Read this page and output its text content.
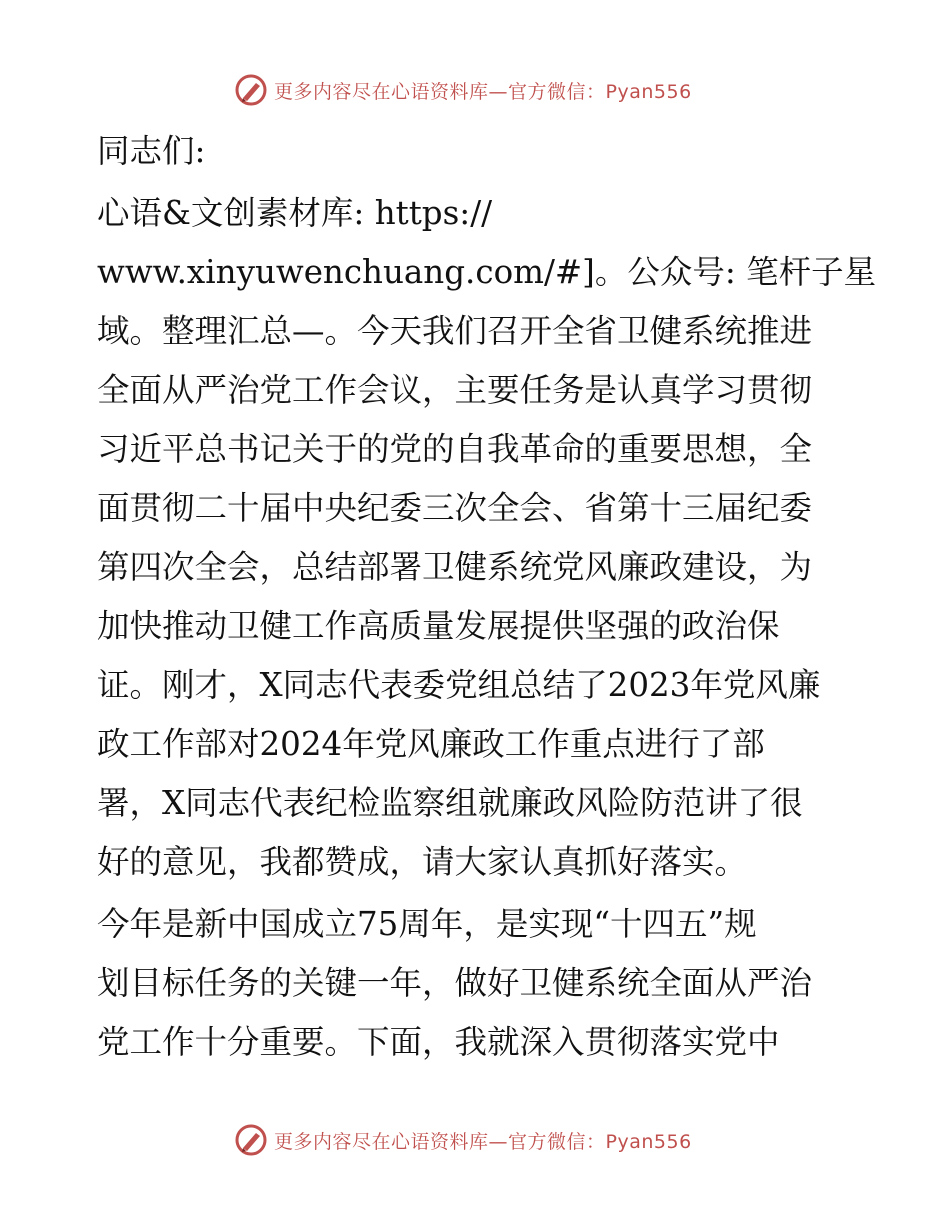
更多内容尽在心语资料库—官方微信：Pyan556

同志们:

心语&文创素材库: https://

www.xinyuwenchuang.com/#]。公众号: 笔杆子星

域。整理汇总—。今天我们召开全省卫健系统推进

全面从严治党工作会议，主要任务是认真学习贯彻

习近平总书记关于的党的自我革命的重要思想，全

面贯彻二十届中央纪委三次全会、省第十三届纪委

第四次全会，总结部署卫健系统党风廉政建设，为

加快推动卫健工作高质量发展提供坚强的政治保

证。刚才，X同志代表委党组总结了2023年党风廉

政工作部对2024年党风廉政工作重点进行了部

署，X同志代表纪检监察组就廉政风险防范讲了很

好的意见，我都赞成，请大家认真抓好落实。

今年是新中国成立75周年，是实现“十四五”规

划目标任务的关键一年，做好卫健系统全面从严治

党工作十分重要。下面，我就深入贯彻落实党中

更多内容尽在心语资料库—官方微信：Pyan556
